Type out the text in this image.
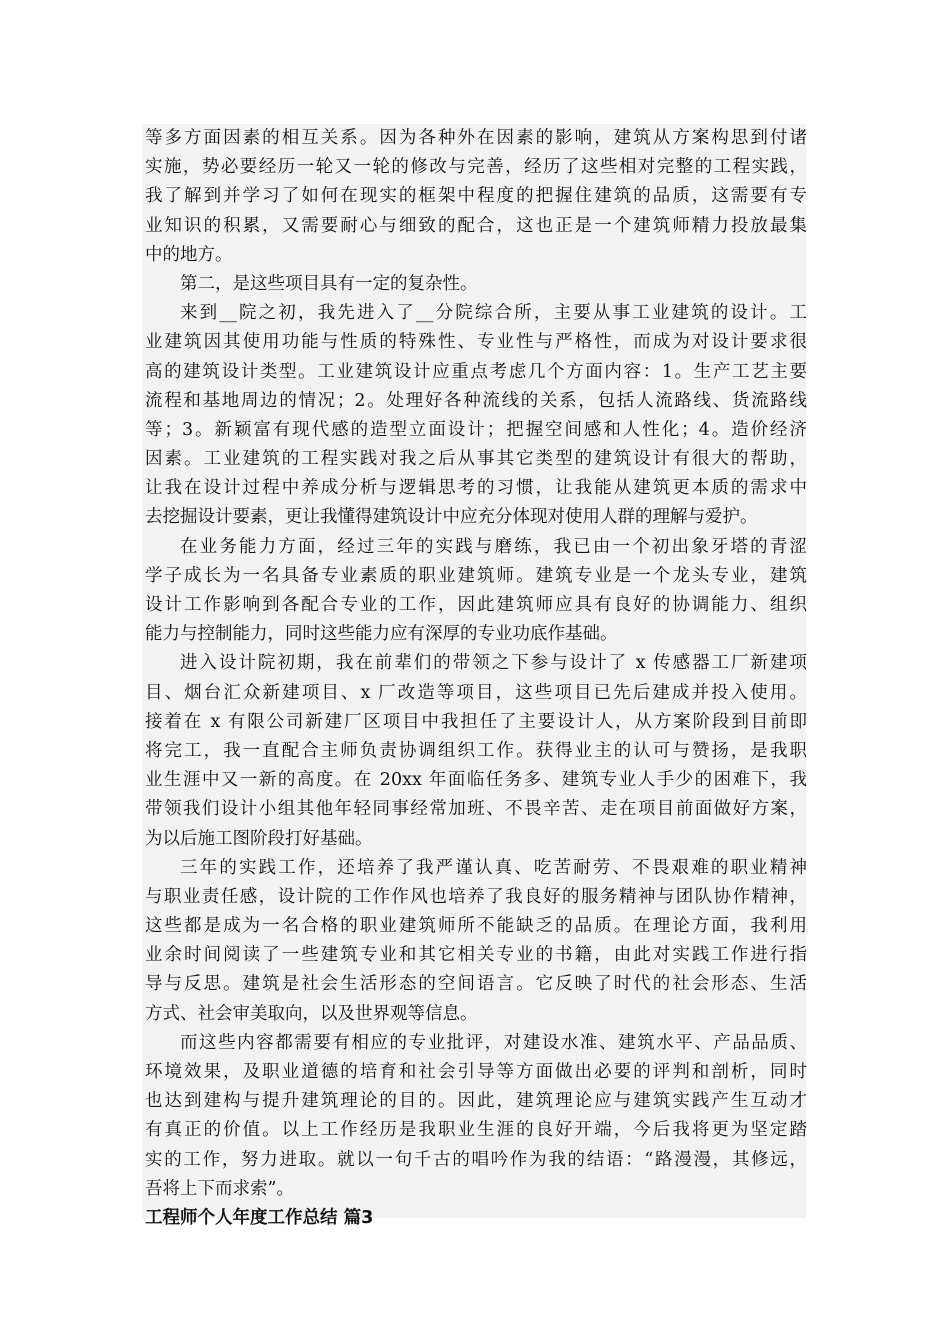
等多方面因素的相互关系。因为各种外在因素的影响，建筑从方案构思到付诸
实施，势必要经历一轮又一轮的修改与完善，经历了这些相对完整的工程实践，
我了解到并学习了如何在现实的框架中程度的把握住建筑的品质，这需要有专
业知识的积累，又需要耐心与细致的配合，这也正是一个建筑师精力投放最集
中的地方。
第二，是这些项目具有一定的复杂性。
来到__院之初，我先进入了__分院综合所，主要从事工业建筑的设计。工
业建筑因其使用功能与性质的特殊性、专业性与严格性，而成为对设计要求很
高的建筑设计类型。工业建筑设计应重点考虑几个方面内容：1。生产工艺主要
流程和基地周边的情况；2。处理好各种流线的关系，包括人流路线、货流路线
等；3。新颖富有现代感的造型立面设计；把握空间感和人性化；4。造价经济
因素。工业建筑的工程实践对我之后从事其它类型的建筑设计有很大的帮助，
让我在设计过程中养成分析与逻辑思考的习惯，让我能从建筑更本质的需求中
去挖掘设计要素，更让我懂得建筑设计中应充分体现对使用人群的理解与爱护。
在业务能力方面，经过三年的实践与磨练，我已由一个初出象牙塔的青涩
学子成长为一名具备专业素质的职业建筑师。建筑专业是一个龙头专业，建筑
设计工作影响到各配合专业的工作，因此建筑师应具有良好的协调能力、组织
能力与控制能力，同时这些能力应有深厚的专业功底作基础。
进入设计院初期，我在前辈们的带领之下参与设计了 x 传感器工厂新建项
目、烟台汇众新建项目、x 厂改造等项目，这些项目已先后建成并投入使用。
接着在 x 有限公司新建厂区项目中我担任了主要设计人，从方案阶段到目前即
将完工，我一直配合主师负责协调组织工作。获得业主的认可与赞扬，是我职
业生涯中又一新的高度。在 20xx 年面临任务多、建筑专业人手少的困难下，我
带领我们设计小组其他年轻同事经常加班、不畏辛苦、走在项目前面做好方案，
为以后施工图阶段打好基础。
三年的实践工作，还培养了我严谨认真、吃苦耐劳、不畏艰难的职业精神
与职业责任感，设计院的工作作风也培养了我良好的服务精神与团队协作精神，
这些都是成为一名合格的职业建筑师所不能缺乏的品质。在理论方面，我利用
业余时间阅读了一些建筑专业和其它相关专业的书籍，由此对实践工作进行指
导与反思。建筑是社会生活形态的空间语言。它反映了时代的社会形态、生活
方式、社会审美取向，以及世界观等信息。
而这些内容都需要有相应的专业批评，对建设水准、建筑水平、产品品质、
环境效果，及职业道德的培育和社会引导等方面做出必要的评判和剖析，同时
也达到建构与提升建筑理论的目的。因此，建筑理论应与建筑实践产生互动才
有真正的价值。以上工作经历是我职业生涯的良好开端，今后我将更为坚定踏
实的工作，努力进取。就以一句千古的唱吟作为我的结语：“路漫漫，其修远，
吾将上下而求索”。
工程师个人年度工作总结 篇3
